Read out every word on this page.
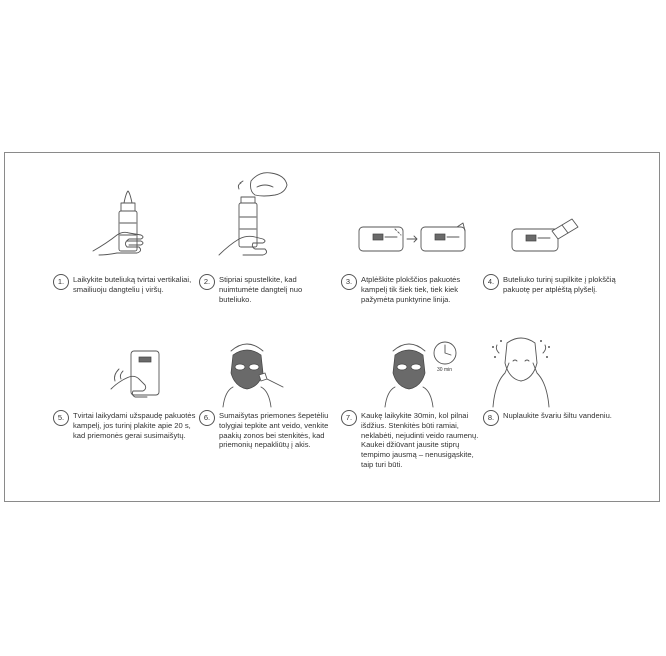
30 min
1.	Laikykite buteliuką tvirtai vertikaliai,
smailiuoju dangteliu į viršų.
2.	Stipriai spustelkite, kad
nuimtumėte dangtelį nuo
buteliuko.
3.	Atplėškite plokščios pakuotės
kampelį tik šiek tiek, tiek kiek
pažymėta punktyrine linija.
4.	Buteliuko turinį supilkite į plokščią
pakuotę per atplėštą plyšelį.
5.	Tvirtai laikydami užspaudę pakuotės
kampelį, jos turinį plakite apie 20 s,
kad priemonės gerai susimaišytų.
6.	Sumaišytas priemones šepetėliu
tolygiai tepkite ant veido, venkite
paakių zonos bei stenkitės, kad
priemonių nepakliūtų į akis.
7.	Kaukę laikykite 30min, kol pilnai
išdžius. Stenkitės būti ramiai,
neklabėti, nejudinti veido raumenų.
Kaukei džiūvant jausite stiprų
tempimo jausmą – nenusigąskite,
taip turi būti.
8.	Nuplaukite švariu šiltu vandeniu.
